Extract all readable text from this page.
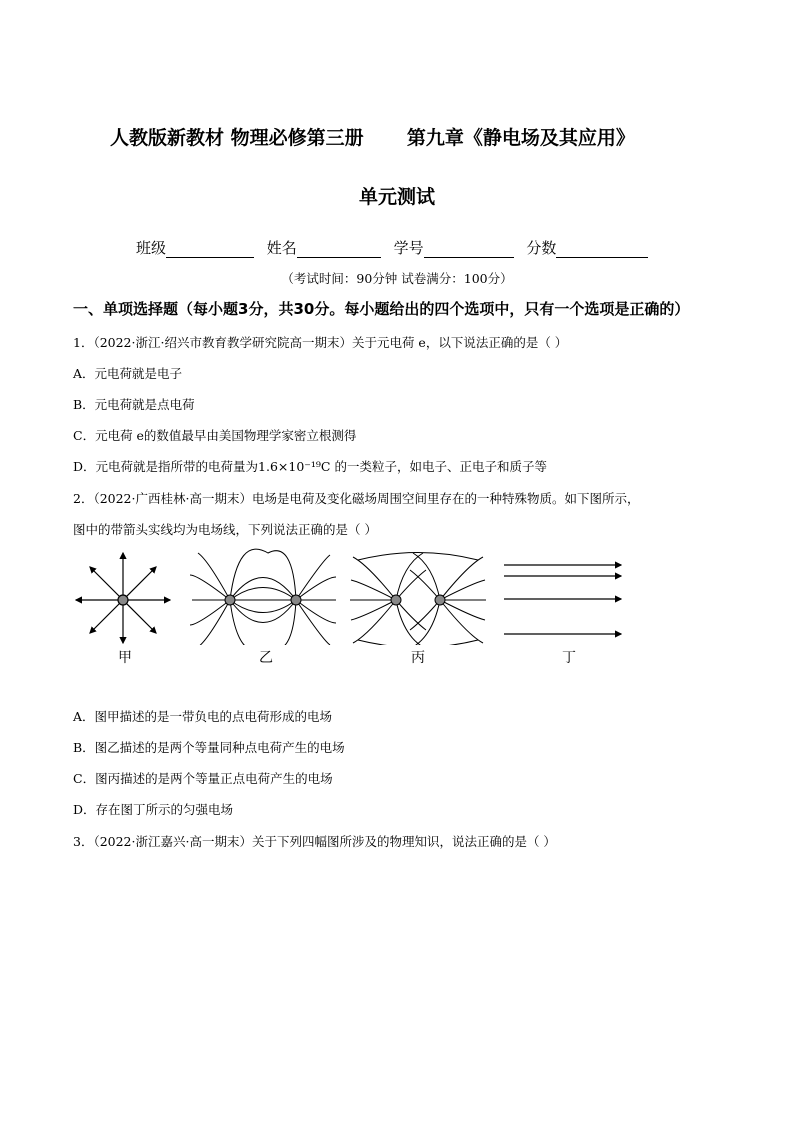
人教版新教材 物理必修第三册 第九章《静电场及其应用》
单元测试
班级	姓名	学号	分数
（考试时间：90分钟 试卷满分：100分）
一、单项选择题（每小题3分，共30分。每小题给出的四个选项中，只有一个选项是正确的）
1．（2022·浙江·绍兴市教育教学研究院高一期末）关于元电荷 e，以下说法正确的是（ ）
A．元电荷就是电子
B．元电荷就是点电荷
C．元电荷 e的数值最早由美国物理学家密立根测得
D．元电荷就是指所带的电荷量为1.6×10⁻¹⁹C 的一类粒子，如电子、正电子和质子等
2．（2022·广西桂林·高一期末）电场是电荷及变化磁场周围空间里存在的一种特殊物质。如下图所示，
图中的带箭头实线均为电场线，下列说法正确的是（ ）
甲	乙	丙	丁
A．图甲描述的是一带负电的点电荷形成的电场
B．图乙描述的是两个等量同种点电荷产生的电场
C．图丙描述的是两个等量正点电荷产生的电场
D．存在图丁所示的匀强电场
3．（2022·浙江嘉兴·高一期末）关于下列四幅图所涉及的物理知识，说法正确的是（ ）
